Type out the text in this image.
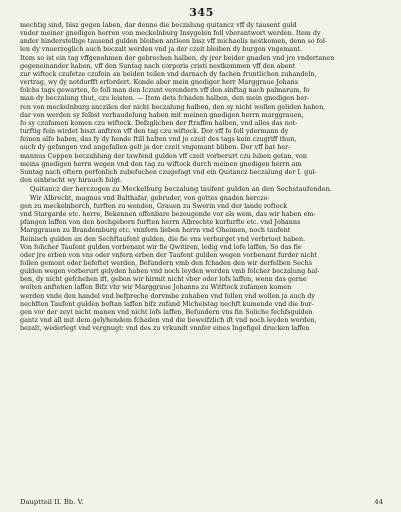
345
mechtig sind, bisz gegen laben, dar denne die beczalung quitancz vff dy tausent guld
vnder meiner gnedigen herren von meckelnburg Insygelen foll vberantwort werden. Item dy
ander hinderstellige tausend gulden bleiben antleen bisz vff michaelis nestkomen, denn so fol-
len dy vnuerzoglich auch beczalt werden vnd ja der czeit bleiben dy burgen vngemant.
Item so ist ein tag vffgenohmen der gebrechen halben, dy jrer beider gnaden vnd jre vndertanen
gegeneinander haben, vff den Suntag nach corporis cristi nestkommen vff den abent
zur wiftock czufetze czufein an beiden teilen vnd darnach dy fachen fruntlichen zuhandeln,
vertrag, wy dy notdurfft erfordert. Konde aber mein gnediger herr Marggraue Johans
folchs tags gewarten, fo foll man den Iczunt verendern vff den sinftag nach palmarum, fo
man dy beczalung thut, czu leisten. — Item dets fchaden halben, den mein gnedigen her-
ren von meckelnburg anczilen der nicht beczalung halben, den sy nicht wollen geliden haben,
dar von werden sy felbst verhaudelung haben mit meinen gnedigen herrn marggrauen,
fo sy czufamen komen czu wiftock. Defzglichen der ftraffen halben, vnd alles das not-
turftig fein wirdet biszt anftren vff den tag czu wiftock. Dor vff fo foll ydermann dy
feinen alfo haben, das fy dy hende ftill halten vnd jo czeit des tags kein czugriff thun,
auch dy gefangen vnd angefallen gelt ja der czeit vngemant bliben. Dor vff hat her-
mannus Coppen beczahlung der tawfend gulden vff czeit vorberurt czu luben getan, von
meins gnedigen herrn wegen vnd den tag zu wiftock durch meinen gnedigen herrn am
Suntag nach oftern perfonlich zubefuchen czugefagt vnd ein Quitancz beczalung der I. gul-
den einbracht wy hirauch folgt.
Quitancz der herczogen zu Meckelburg beczalung taufent gulden an den Sechstaufenden.
Wir Albrecht, magnus vnd Balthafar, gebruder, von gottes gnaden herczo-
gen zu meckelnborch, furften zu wenden, Grauen zu Swerin vnd der lande roftock
vnd Stargarde etc. herre, Bekennen offenbare bezeugende vor als wem, das wir haben em-
pfangen laffen von den hochgeborn furften herrn Albrechte kurfurfte etc. vnd Johanns
Marggrauen zu Brandemburg etc. vnnfern lieben herrn vnd Oheimen, noch taufent
Reinisch gulden an den Sechftaufent gulden, die fie vns verburget vnd verbriuet haben.
Von folicher Taufent gulden vorbenant wir fie Qwitiren, ledig vnd lofe laffen, So das fie
oder jre erben von vns oder vnfern erben der Taufent gulden wegen vorbenant furder nicht
follen gemont oder befeftet werden, Befundern vmb den fchaden den wir derfelben Sechs
gulden wegen vorberurt gelyden haben vnd noch leyden werden vmb folcher beczalung hal-
ben, dy nicht gefchehen ift, geben wir hirmit nicht vber oder lofs laffen, wenn das gerne
wolten anftehen laffen Bifz vhr wir Marggraue Johanns zu Witftock zufamen komen
werden vnde den handel vnd befpreche dorvmbe zuhaben vnd follen vnd wollen ja auch dy
nechften Taufent gulden beftan laffen bifz zufand Michelstag nechft kumende vnd die bur-
gen vor der zeyt nicht manen vnd nicht lofs laffen, Befundern vns fin Soliche fechfsgulden
gantz vnd all mit dem gelyhendem fchaden vnd die beweifzlich ift vnd noch leyden werden,
bezalt, wederlegt vnd vergnugt: vnd des zu vrkundt vnnfer eines Ingefigel drucken laffen
Dauptteil II. Bb. V.	44
